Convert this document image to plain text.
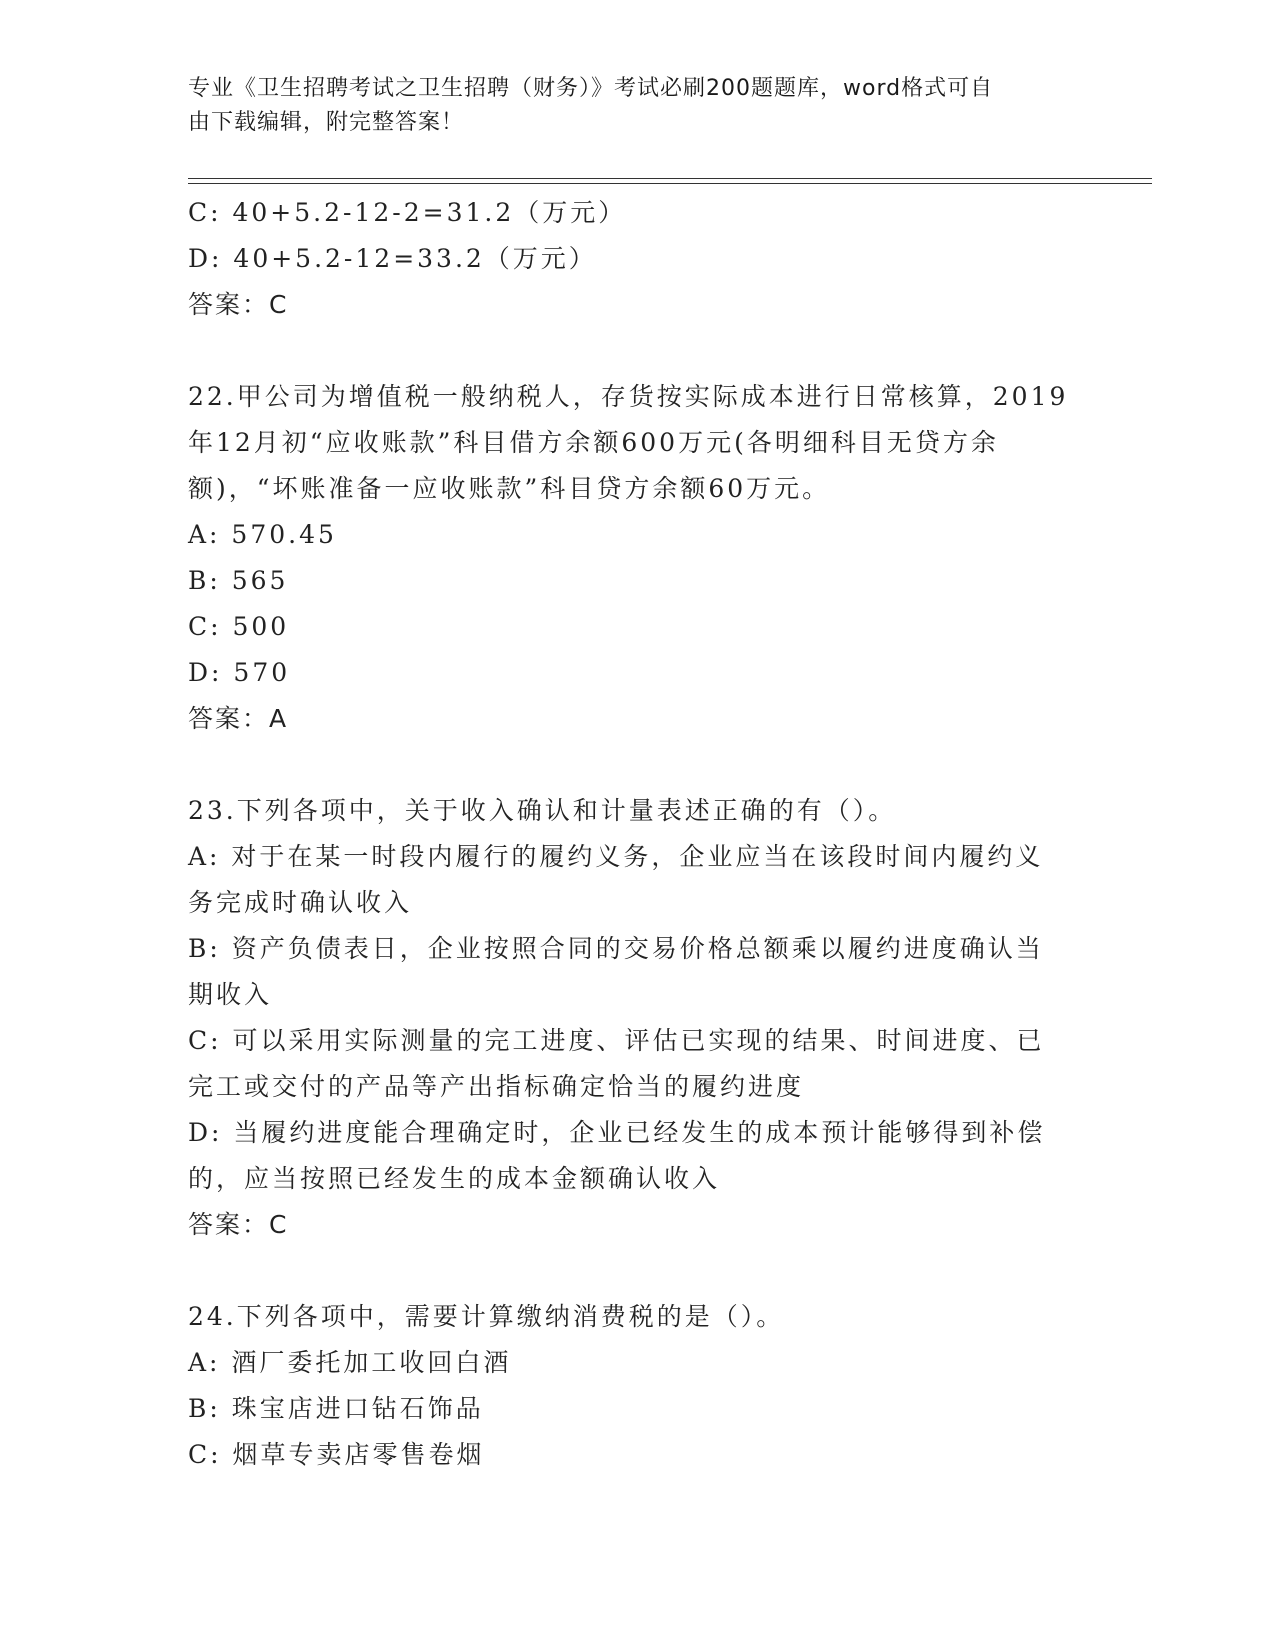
专业《卫生招聘考试之卫生招聘（财务）》考试必刷200题题库，word格式可自
由下载编辑，附完整答案！
C: 40+5.2-12-2=31.2（万元）
D: 40+5.2-12=33.2（万元）
答案：C
22.甲公司为增值税一般纳税人，存货按实际成本进行日常核算，2019
年12月初“应收账款”科目借方余额600万元(各明细科目无贷方余
额)，“坏账准备一应收账款”科目贷方余额60万元。
A: 570.45
B: 565
C: 500
D: 570
答案：A
23.下列各项中，关于收入确认和计量表述正确的有（）。
A: 对于在某一时段内履行的履约义务，企业应当在该段时间内履约义
务完成时确认收入
B: 资产负债表日，企业按照合同的交易价格总额乘以履约进度确认当
期收入
C: 可以采用实际测量的完工进度、评估已实现的结果、时间进度、已
完工或交付的产品等产出指标确定恰当的履约进度
D: 当履约进度能合理确定时，企业已经发生的成本预计能够得到补偿
的，应当按照已经发生的成本金额确认收入
答案：C
24.下列各项中，需要计算缴纳消费税的是（）。
A: 酒厂委托加工收回白酒
B: 珠宝店进口钻石饰品
C: 烟草专卖店零售卷烟
